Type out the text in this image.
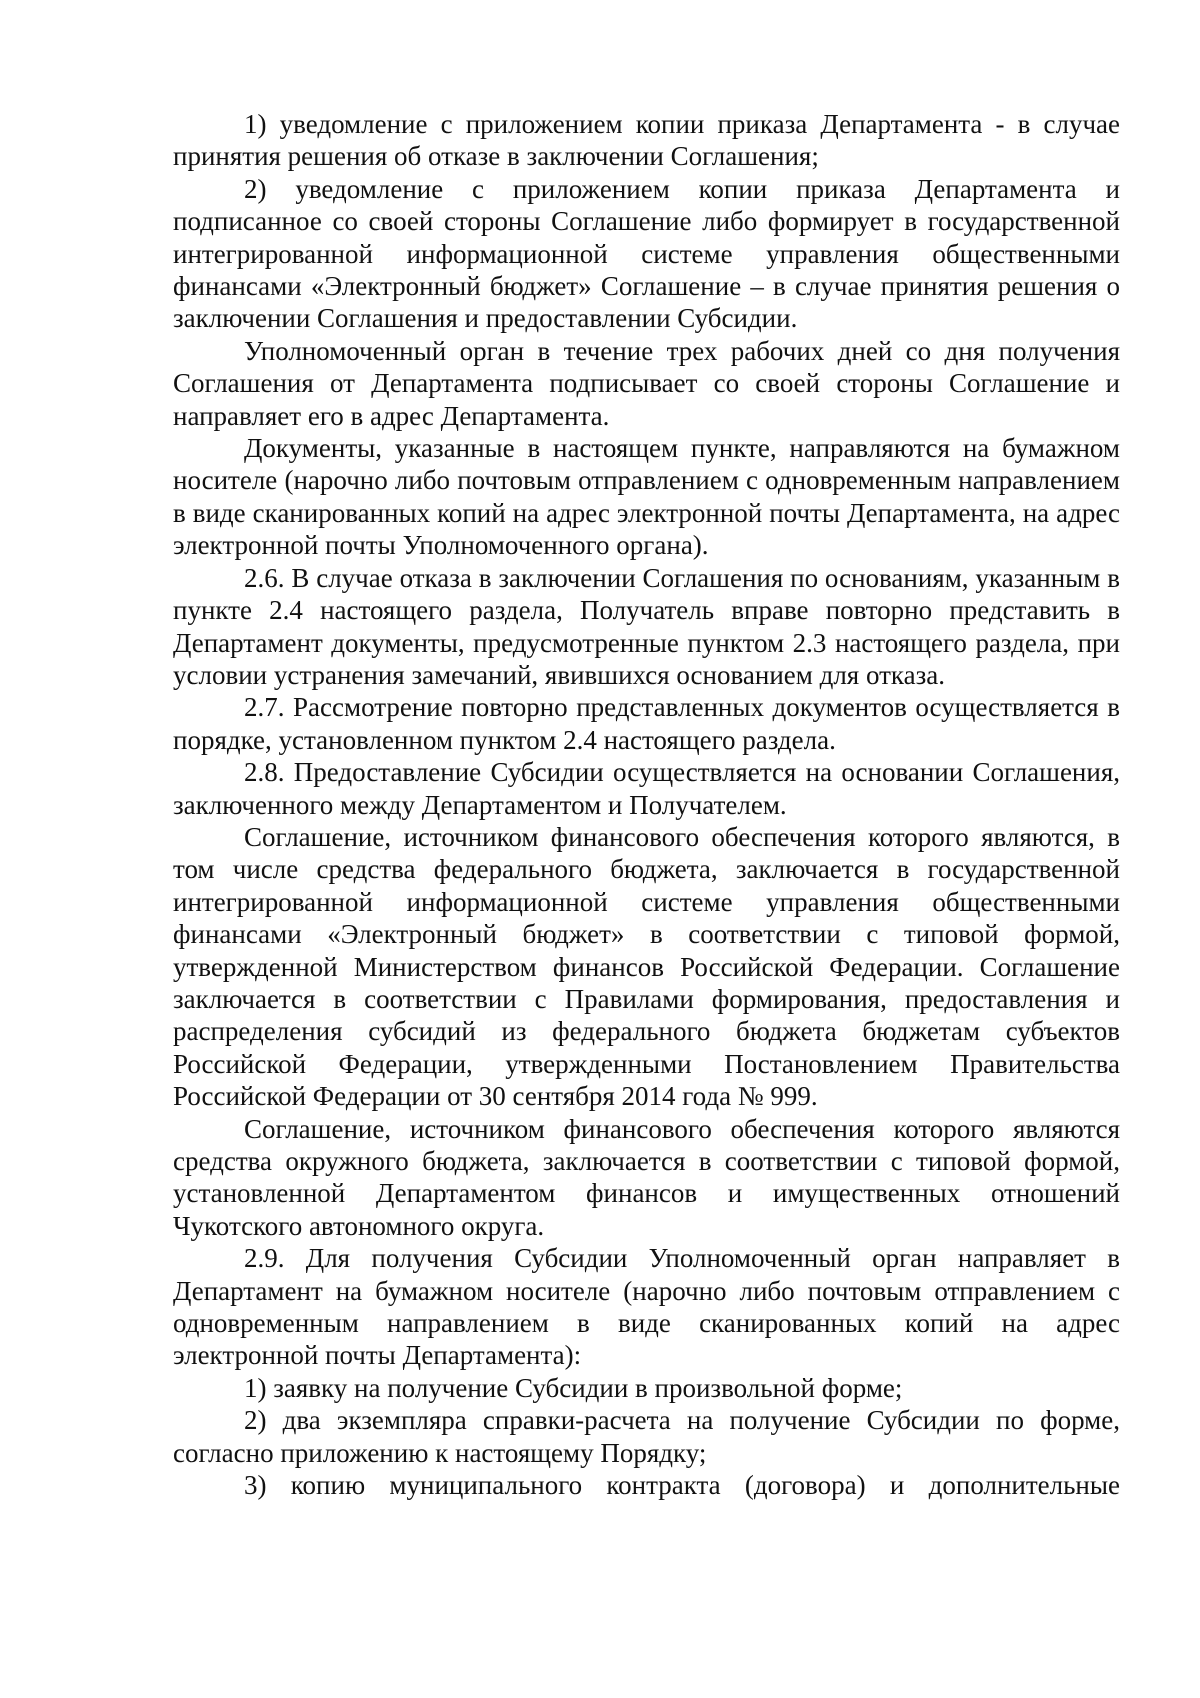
1) уведомление с приложением копии приказа Департамента - в случае принятия решения об отказе в заключении Соглашения;

2) уведомление с приложением копии приказа Департамента и подписанное со своей стороны Соглашение либо формирует в государственной интегрированной информационной системе управления общественными финансами «Электронный бюджет» Соглашение – в случае принятия решения о заключении Соглашения и предоставлении Субсидии.

Уполномоченный орган в течение трех рабочих дней со дня получения Соглашения от Департамента подписывает со своей стороны Соглашение и направляет его в адрес Департамента.

Документы, указанные в настоящем пункте, направляются на бумажном носителе (нарочно либо почтовым отправлением с одновременным направлением в виде сканированных копий на адрес электронной почты Департамента, на адрес электронной почты Уполномоченного органа).

2.6. В случае отказа в заключении Соглашения по основаниям, указанным в пункте 2.4 настоящего раздела, Получатель вправе повторно представить в Департамент документы, предусмотренные пунктом 2.3 настоящего раздела, при условии устранения замечаний, явившихся основанием для отказа.

2.7. Рассмотрение повторно представленных документов осуществляется в порядке, установленном пунктом 2.4 настоящего раздела.

2.8. Предоставление Субсидии осуществляется на основании Соглашения, заключенного между Департаментом и Получателем.

Соглашение, источником финансового обеспечения которого являются, в том числе средства федерального бюджета, заключается в государственной интегрированной информационной системе управления общественными финансами «Электронный бюджет» в соответствии с типовой формой, утвержденной Министерством финансов Российской Федерации. Соглашение заключается в соответствии с Правилами формирования, предоставления и распределения субсидий из федерального бюджета бюджетам субъектов Российской Федерации, утвержденными Постановлением Правительства Российской Федерации от 30 сентября 2014 года № 999.

Соглашение, источником финансового обеспечения которого являются средства окружного бюджета, заключается в соответствии с типовой формой, установленной Департаментом финансов и имущественных отношений Чукотского автономного округа.

2.9. Для получения Субсидии Уполномоченный орган направляет в Департамент на бумажном носителе (нарочно либо почтовым отправлением с одновременным направлением в виде сканированных копий на адрес электронной почты Департамента):

1) заявку на получение Субсидии в произвольной форме;

2) два экземпляра справки-расчета на получение Субсидии по форме, согласно приложению к настоящему Порядку;

3) копию муниципального контракта (договора) и дополнительные
